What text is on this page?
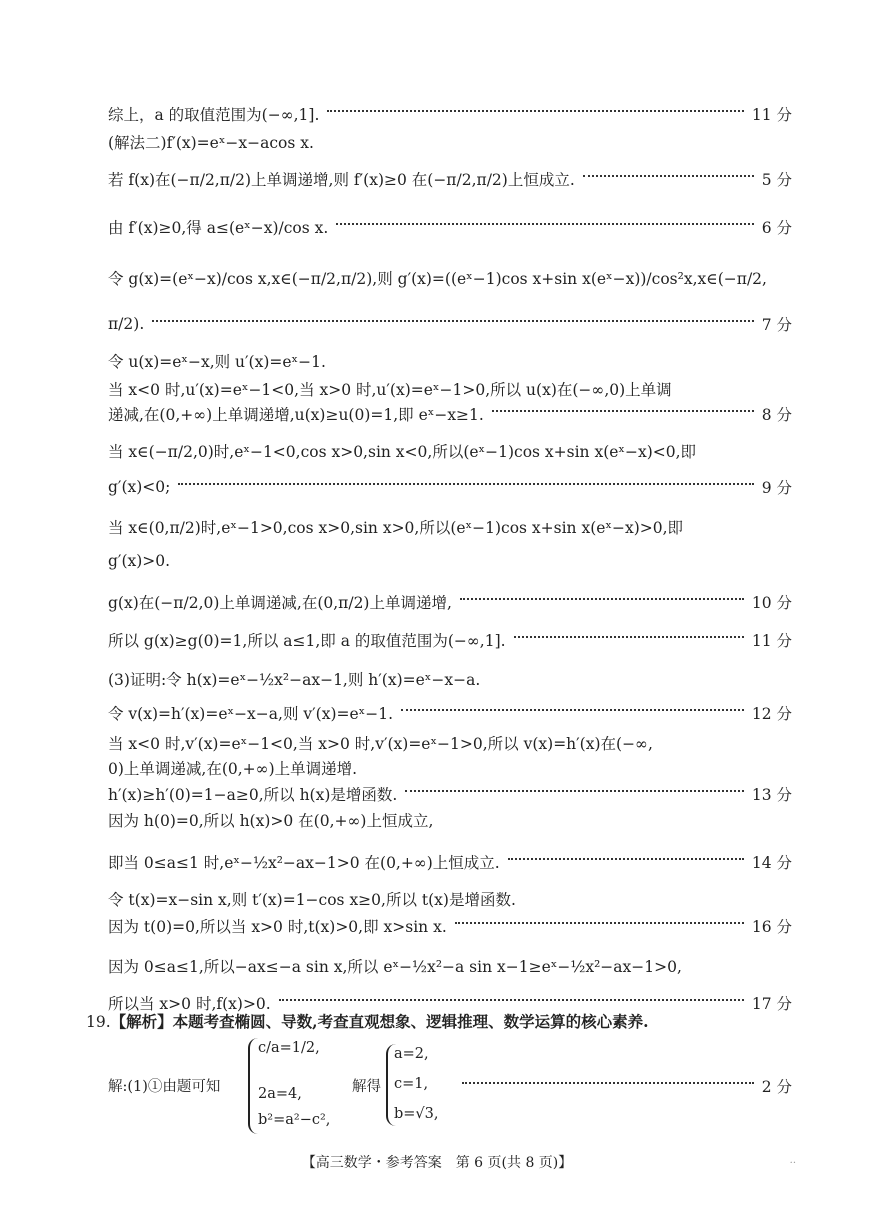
综上，a 的取值范围为(−∞,1].	11 分
(解法二)f′(x)=eˣ−x−acos x.
若 f(x)在(−π/2,π/2)上单调递增,则 f′(x)≥0 在(−π/2,π/2)上恒成立.	5 分
由 f′(x)≥0,得 a≤(eˣ−x)/cos x.	6 分
令 g(x)=(eˣ−x)/cos x,x∈(−π/2,π/2),则 g′(x)=((eˣ−1)cos x+sin x(eˣ−x))/cos²x,x∈(−π/2,
π/2).	7 分
令 u(x)=eˣ−x,则 u′(x)=eˣ−1.
当 x<0 时,u′(x)=eˣ−1<0,当 x>0 时,u′(x)=eˣ−1>0,所以 u(x)在(−∞,0)上单调
递减,在(0,+∞)上单调递增,u(x)≥u(0)=1,即 eˣ−x≥1.	8 分
当 x∈(−π/2,0)时,eˣ−1<0,cos x>0,sin x<0,所以(eˣ−1)cos x+sin x(eˣ−x)<0,即
g′(x)<0;	9 分
当 x∈(0,π/2)时,eˣ−1>0,cos x>0,sin x>0,所以(eˣ−1)cos x+sin x(eˣ−x)>0,即
g′(x)>0.
g(x)在(−π/2,0)上单调递减,在(0,π/2)上单调递增,	10 分
所以 g(x)≥g(0)=1,所以 a≤1,即 a 的取值范围为(−∞,1].	11 分
(3)证明:令 h(x)=eˣ−½x²−ax−1,则 h′(x)=eˣ−x−a.
令 v(x)=h′(x)=eˣ−x−a,则 v′(x)=eˣ−1.	12 分
当 x<0 时,v′(x)=eˣ−1<0,当 x>0 时,v′(x)=eˣ−1>0,所以 v(x)=h′(x)在(−∞,
0)上单调递减,在(0,+∞)上单调递增.
h′(x)≥h′(0)=1−a≥0,所以 h(x)是增函数.	13 分
因为 h(0)=0,所以 h(x)>0 在(0,+∞)上恒成立,
即当 0≤a≤1 时,eˣ−½x²−ax−1>0 在(0,+∞)上恒成立.	14 分
令 t(x)=x−sin x,则 t′(x)=1−cos x≥0,所以 t(x)是增函数.
因为 t(0)=0,所以当 x>0 时,t(x)>0,即 x>sin x.	16 分
因为 0≤a≤1,所以−ax≤−a sin x,所以 eˣ−½x²−a sin x−1≥eˣ−½x²−ax−1>0,
所以当 x>0 时,f(x)>0.	17 分
19.【解析】本题考查椭圆、导数,考查直观想象、逻辑推理、数学运算的核心素养.
解:(1)①由题可知
c/a=1/2,
2a=4,
b²=a²−c²,
解得
a=2,
c=1,
b=√3,
2 分
【高三数学・参考答案　第 6 页(共 8 页)】	··
